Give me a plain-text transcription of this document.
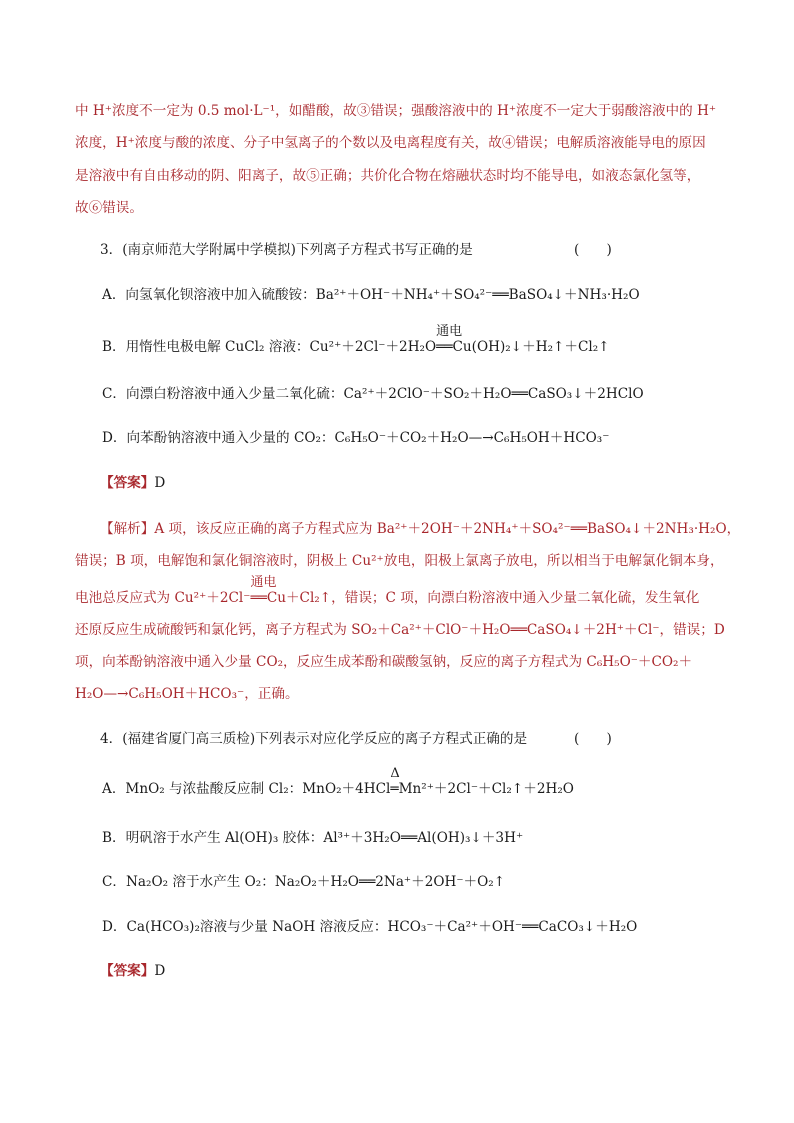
中 H⁺浓度不一定为 0.5 mol·L⁻¹，如醋酸，故③错误；强酸溶液中的 H⁺浓度不一定大于弱酸溶液中的 H⁺
浓度，H⁺浓度与酸的浓度、分子中氢离子的个数以及电离程度有关，故④错误；电解质溶液能导电的原因
是溶液中有自由移动的阴、阳离子，故⑤正确；共价化合物在熔融状态时均不能导电，如液态氯化氢等，
故⑥错误。
3．(南京师范大学附属中学模拟)下列离子方程式书写正确的是	(　　)
A．向氢氧化钡溶液中加入硫酸铵：Ba²⁺＋OH⁻＋NH₄⁺＋SO₄²⁻══BaSO₄↓＋NH₃·H₂O
B．用惰性电极电解 CuCl₂ 溶液：Cu²⁺＋2Cl⁻＋2H₂O
通电
══Cu(OH)₂↓＋H₂↑＋Cl₂↑
C．向漂白粉溶液中通入少量二氧化硫：Ca²⁺＋2ClO⁻＋SO₂＋H₂O══CaSO₃↓＋2HClO
D．向苯酚钠溶液中通入少量的 CO₂：C₆H₅O⁻＋CO₂＋H₂O—→C₆H₅OH＋HCO₃⁻
【答案】D
【解析】A 项，该反应正确的离子方程式应为 Ba²⁺＋2OH⁻＋2NH₄⁺＋SO₄²⁻══BaSO₄↓＋2NH₃·H₂O，
错误；B 项，电解饱和氯化铜溶液时，阴极上 Cu²⁺放电，阳极上氯离子放电，所以相当于电解氯化铜本身，
电池总反应式为 Cu²⁺＋2Cl⁻
通电
══Cu＋Cl₂↑，错误；C 项，向漂白粉溶液中通入少量二氧化硫，发生氧化
还原反应生成硫酸钙和氯化钙，离子方程式为 SO₂＋Ca²⁺＋ClO⁻＋H₂O══CaSO₄↓＋2H⁺＋Cl⁻，错误；D
项，向苯酚钠溶液中通入少量 CO₂，反应生成苯酚和碳酸氢钠，反应的离子方程式为 C₆H₅O⁻＋CO₂＋
H₂O—→C₆H₅OH＋HCO₃⁻，正确。
4．(福建省厦门高三质检)下列表示对应化学反应的离子方程式正确的是	(　　)
A．MnO₂ 与浓盐酸反应制 Cl₂：MnO₂＋4HCl
Δ
═Mn²⁺＋2Cl⁻＋Cl₂↑＋2H₂O
B．明矾溶于水产生 Al(OH)₃ 胶体：Al³⁺＋3H₂O══Al(OH)₃↓＋3H⁺
C．Na₂O₂ 溶于水产生 O₂：Na₂O₂＋H₂O══2Na⁺＋2OH⁻＋O₂↑
D．Ca(HCO₃)₂溶液与少量 NaOH 溶液反应：HCO₃⁻＋Ca²⁺＋OH⁻══CaCO₃↓＋H₂O
【答案】D
